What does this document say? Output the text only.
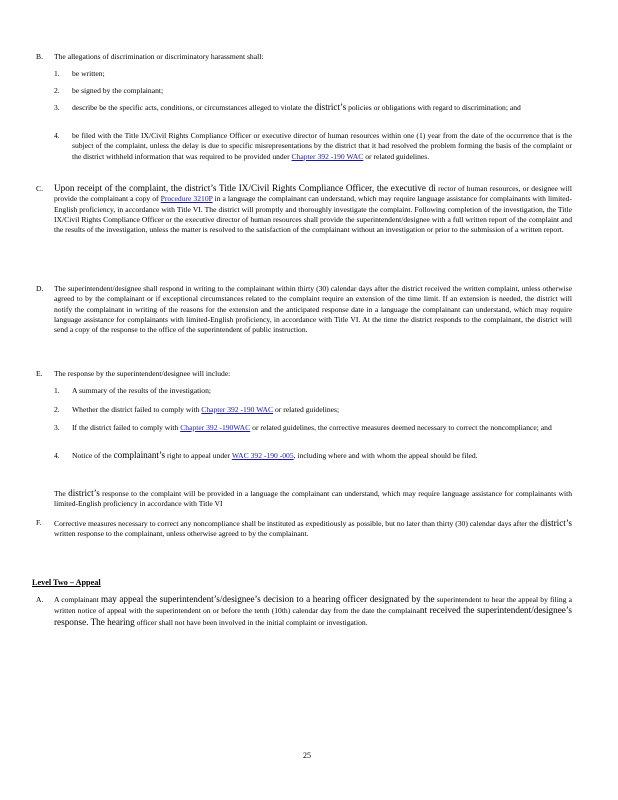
B. The allegations of discrimination or discriminatory harassment shall:
1. be written;
2. be signed by the complainant;
3. describe be the specific acts, conditions, or circumstances alleged to violate the district’s policies or obligations with regard to discrimination; and
4. be filed with the Title IX/Civil Rights Compliance Officer or executive director of human resources within one (1) year from the date of the occurrence that is the subject of the complaint, unless the delay is due to specific misrepresentations by the district that it had resolved the problem forming the basis of the complaint or the district withheld information that was required to be provided under Chapter 392 -190 WAC or related guidelines.
C. Upon receipt of the complaint, the district’s Title IX/Civil Rights Compliance Officer, the executive di rector of human resources, or designee will provide the complainant a copy of Procedure 3210P in a language the complainant can understand, which may require language assistance for complainants with limited-English proficiency, in accordance with Title VI. The district will promptly and thoroughly investigate the complaint. Following completion of the investigation, the Title IX/Civil Rights Compliance Officer or the executive director of human resources shall provide the superintendent/designee with a full written report of the complaint and the results of the investigation, unless the matter is resolved to the satisfaction of the complainant without an investigation or prior to the submission of a written report.
D. The superintendent/designee shall respond in writing to the complainant within thirty (30) calendar days after the district received the written complaint, unless otherwise agreed to by the complainant or if exceptional circumstances related to the complaint require an extension of the time limit. If an extension is needed, the district will notify the complainant in writing of the reasons for the extension and the anticipated response date in a language the complainant can understand, which may require language assistance for complainants with limited-English proficiency, in accordance with Title VI. At the time the district responds to the complainant, the district will send a copy of the response to the office of the superintendent of public instruction.
E. The response by the superintendent/designee will include:
1. A summary of the results of the investigation;
2. Whether the district failed to comply with Chapter 392 -190 WAC or related guidelines;
3. If the district failed to comply with Chapter 392 -190WAC or related guidelines, the corrective measures deemed necessary to correct the noncompliance; and
4. Notice of the complainant’s right to appeal under WAC 392 -190 -005, including where and with whom the appeal should be filed.
The district’s response to the complaint will be provided in a language the complainant can understand, which may require language assistance for complainants with limited-English proficiency in accordance with Title VI
F. Corrective measures necessary to correct any noncompliance shall be instituted as expeditiously as possible, but no later than thirty (30) calendar days after the district’s written response to the complainant, unless otherwise agreed to by the complainant.
Level Two – Appeal
A. A complainant may appeal the superintendent’s/designee’s decision to a hearing officer designated by the superintendent to hear the appeal by filing a written notice of appeal with the superintendent on or before the tenth (10th) calendar day from the date the complainant received the superintendent/designee’s response. The hearing officer shall not have been involved in the initial complaint or investigation.
25
